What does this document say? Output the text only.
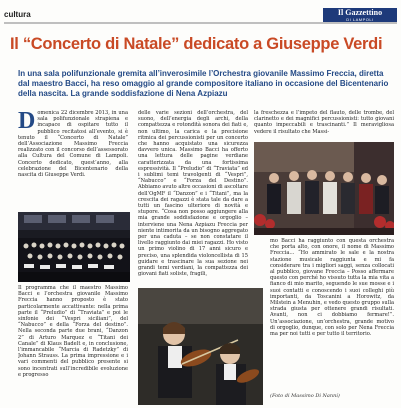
cultura	Il Gazzettino
DI LAMPOLI
Il “Concerto di Natale” dedicato a Giuseppe Verdi
In una sala polifunzionale gremita all’inverosimile l’Orchestra giovanile Massimo Freccia, diretta dal maestro Bacci, ha reso omaggio al grande compositore italiano in occasione del Bicentenario della nascita. La grande soddisfazione di Nena Azpiazu
Domenica 22 dicembre 2013, in una sala polifunzionale strapiena e incapace di ospitare tutto il pubblico recitatosi all’evento, si è tenuto il “Concerto di Natale” dell’Associazione Massimo Freccia realizzato con il concorso dell’assessorato alla Cultura del Comune di Lampoli. Concerto dedicato, quest’anno, alla celebrazione del Bicentenario della nascita di Giuseppe Verdi.
Il programma che il maestro Massimo Bacci e l’orchestra giovanile Massimo Freccia hanno proposto è stato particolarmente accattivante: nella prima parte il “Preludio” di “Traviata” e poi le sinfonie dei “Vespri siciliani”, del “Nabucco” e della “Forza del destino”. Nella seconda parte due brani, “Danzon 2” di Arturo Marquez e “Titani dei Canale” di Klaus Badelt e, in conclusione, l’immancabile “Marcia di Radetzky” di Johann Strauss. La prima impressione e i vari commenti del pubblico presente si sono incentrati sull’incredibile evoluzione e progresso
delle varie sezioni dell’orchestra, del suono, dell’energia degli archi, della compattezza e rotondità sonora dei fiati e, non ultimo, la carica e la precisione ritmica dei percussionisti per un concerto che hanno acquistato una sicurezza davvero unica. Massimo Bacci ha offerto una lettura delle pagine verdiane caratterizzata da una fortissima espressività. Il “Preludio” di “Traviata” ed i sublimi temi travolgenti di “Vespri”, “Nabucco” e “Forza del Destino”. Abbiamo avuto altre occasioni di ascoltare dell’OgMF il “Danzon” e i “Titani”, ma la crescita dei ragazzi è stata tale da dare a tutti un fascino ulteriore di novità e stupore. “Cosa non posso aggiungere alla mia grande soddisfazione e orgoglio – interviene una Nena Azpiazu Freccia per niente intimorita da un bisogno aggregato per una caduta – se non constatare il livello raggiunto dai miei ragazzi. Ho visto un primo violino di 17 anni sicuro e preciso, una splendida violoncellista di 15 guidare e trascinare la sua sezione nei grandi temi verdiani, la compattezza dei giovani fiati soliste, fragili,
la freschezza e l’impeto del flauto, delle trombe, del clarinetto e dei magnifici percussionisti: tutto giovani quanto impeccabili e trascinanti.” Il meravigliosa vedere il risultato che Massi-
mo Bacci ha raggiunto con questa orchestra che porta alto, con onore, il nome di Massimo Freccia… “Ho ammirato le sale e la nostra stazione musicale raggiunta e mi fa considerare tra i migliori saggi, senza collocati al pubblico, giovane Freccia – Posso affermare questo con perché ho vissuto tutta la mia vita a fianco di mio marito, seguendo le sue mosse e i suoi contatti e conoscendo i suoi colleghi più importanti, da Toscanini a Horowitz, da Milstein a Menuhin, e vedo questo gruppo sulla strada giusta per ottenere grandi risultati. Avanti, non ci dobbiamo fermare!”. Un’associazione, un’orchestra, grande motivo di orgoglio, dunque, con solo per Nena Freccia ma per noi tutti e per tutto il territorio.
(Foto di Massimo Di Nanni)
